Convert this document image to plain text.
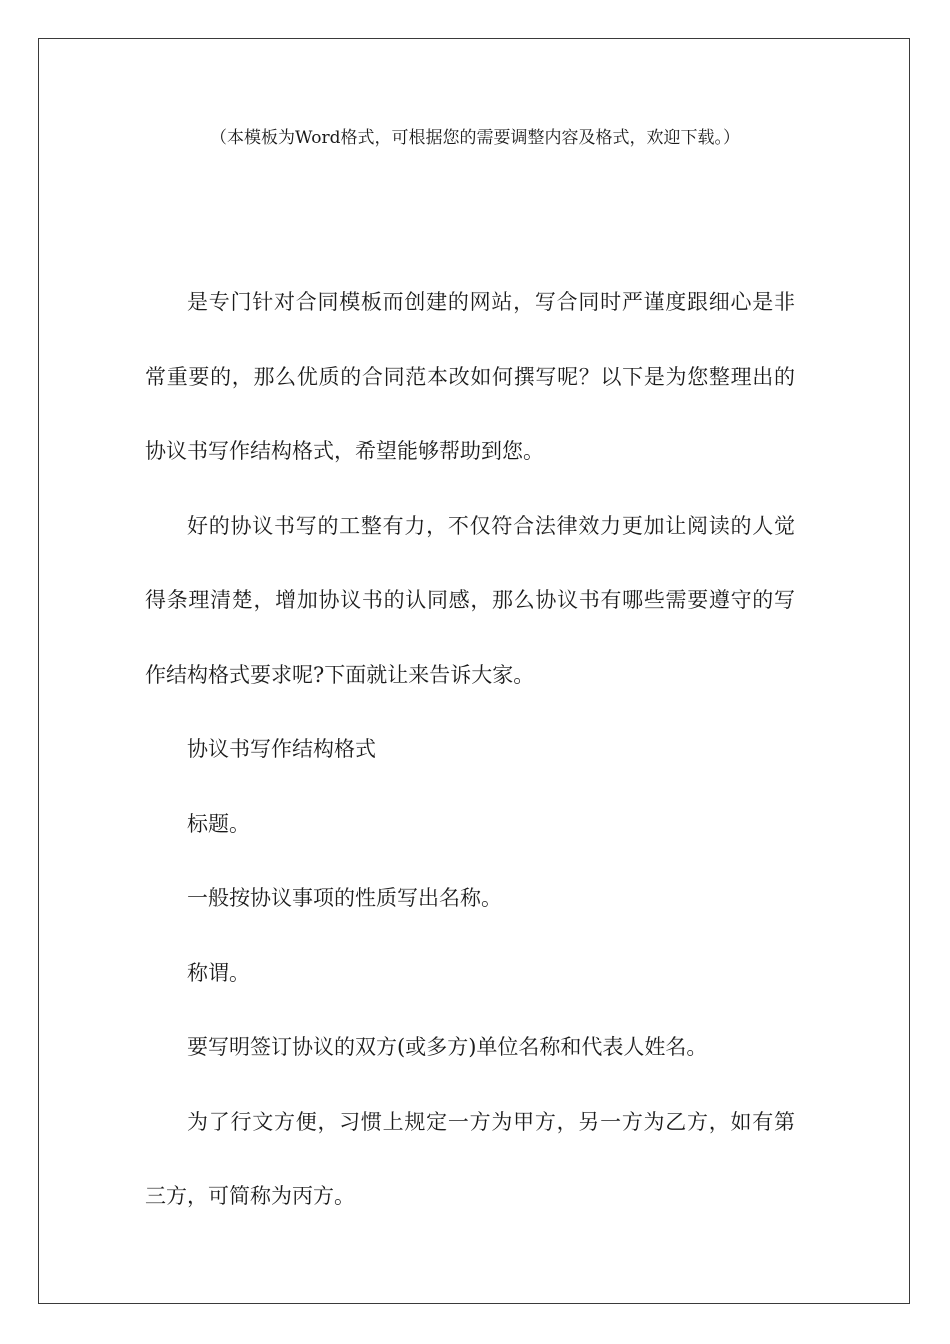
（本模板为Word格式，可根据您的需要调整内容及格式，欢迎下载。）

是专门针对合同模板而创建的网站，写合同时严谨度跟细心是非常重要的，那么优质的合同范本改如何撰写呢？以下是为您整理出的协议书写作结构格式，希望能够帮助到您。

好的协议书写的工整有力，不仅符合法律效力更加让阅读的人觉得条理清楚，增加协议书的认同感，那么协议书有哪些需要遵守的写作结构格式要求呢?下面就让来告诉大家。

协议书写作结构格式

标题。

一般按协议事项的性质写出名称。

称谓。

要写明签订协议的双方(或多方)单位名称和代表人姓名。

为了行文方便，习惯上规定一方为甲方，另一方为乙方，如有第三方，可简称为丙方。
